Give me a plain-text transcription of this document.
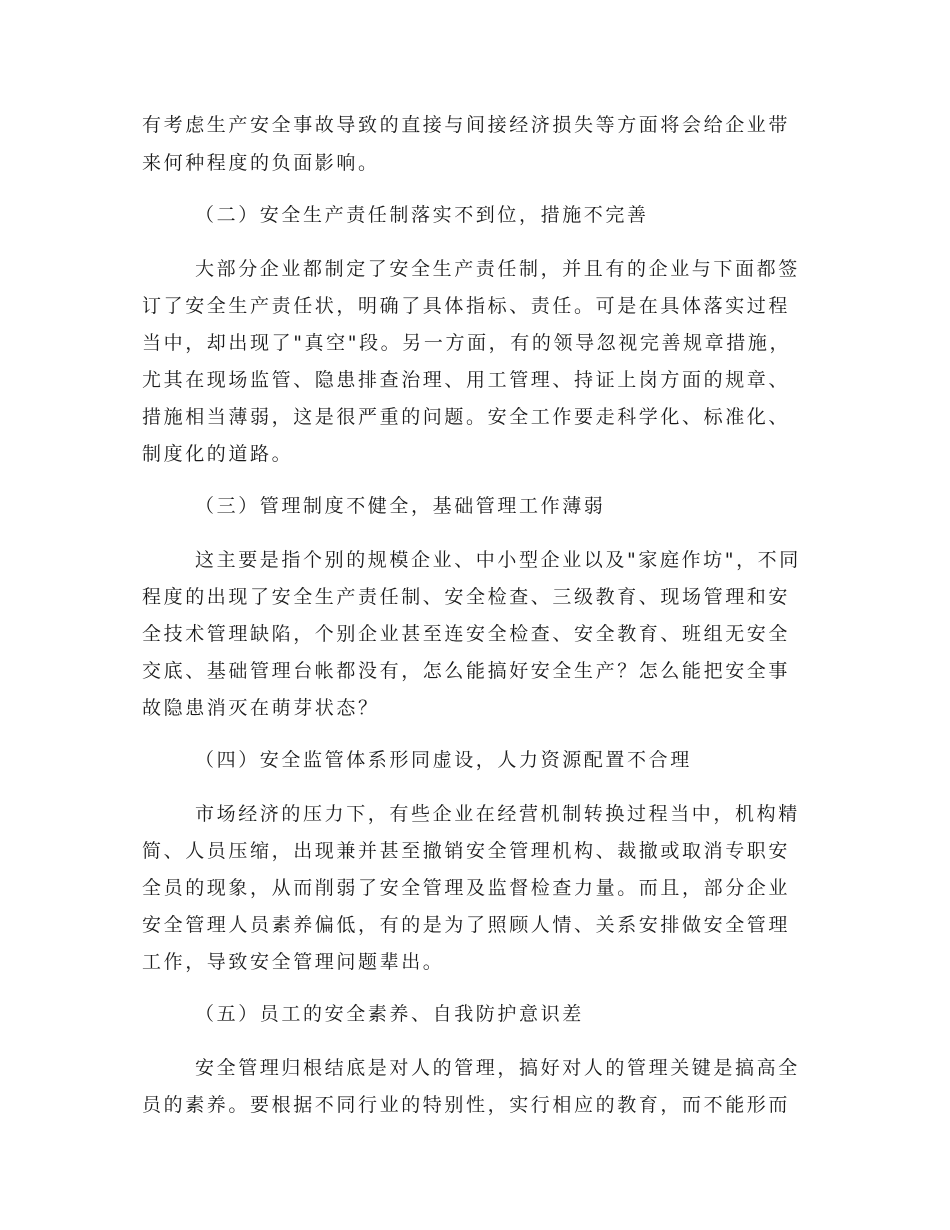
有考虑生产安全事故导致的直接与间接经济损失等方面将会给企业带
来何种程度的负面影响。
（二）安全生产责任制落实不到位，措施不完善
大部分企业都制定了安全生产责任制，并且有的企业与下面都签
订了安全生产责任状，明确了具体指标、责任。可是在具体落实过程
当中，却出现了"真空"段。另一方面，有的领导忽视完善规章措施，
尤其在现场监管、隐患排查治理、用工管理、持证上岗方面的规章、
措施相当薄弱，这是很严重的问题。安全工作要走科学化、标准化、
制度化的道路。
（三）管理制度不健全，基础管理工作薄弱
这主要是指个别的规模企业、中小型企业以及"家庭作坊"，不同
程度的出现了安全生产责任制、安全检查、三级教育、现场管理和安
全技术管理缺陷，个别企业甚至连安全检查、安全教育、班组无安全
交底、基础管理台帐都没有，怎么能搞好安全生产？怎么能把安全事
故隐患消灭在萌芽状态？
（四）安全监管体系形同虚设，人力资源配置不合理
市场经济的压力下，有些企业在经营机制转换过程当中，机构精
简、人员压缩，出现兼并甚至撤销安全管理机构、裁撤或取消专职安
全员的现象，从而削弱了安全管理及监督检查力量。而且，部分企业
安全管理人员素养偏低，有的是为了照顾人情、关系安排做安全管理
工作，导致安全管理问题辈出。
（五）员工的安全素养、自我防护意识差
安全管理归根结底是对人的管理，搞好对人的管理关键是搞高全
员的素养。要根据不同行业的特别性，实行相应的教育，而不能形而
